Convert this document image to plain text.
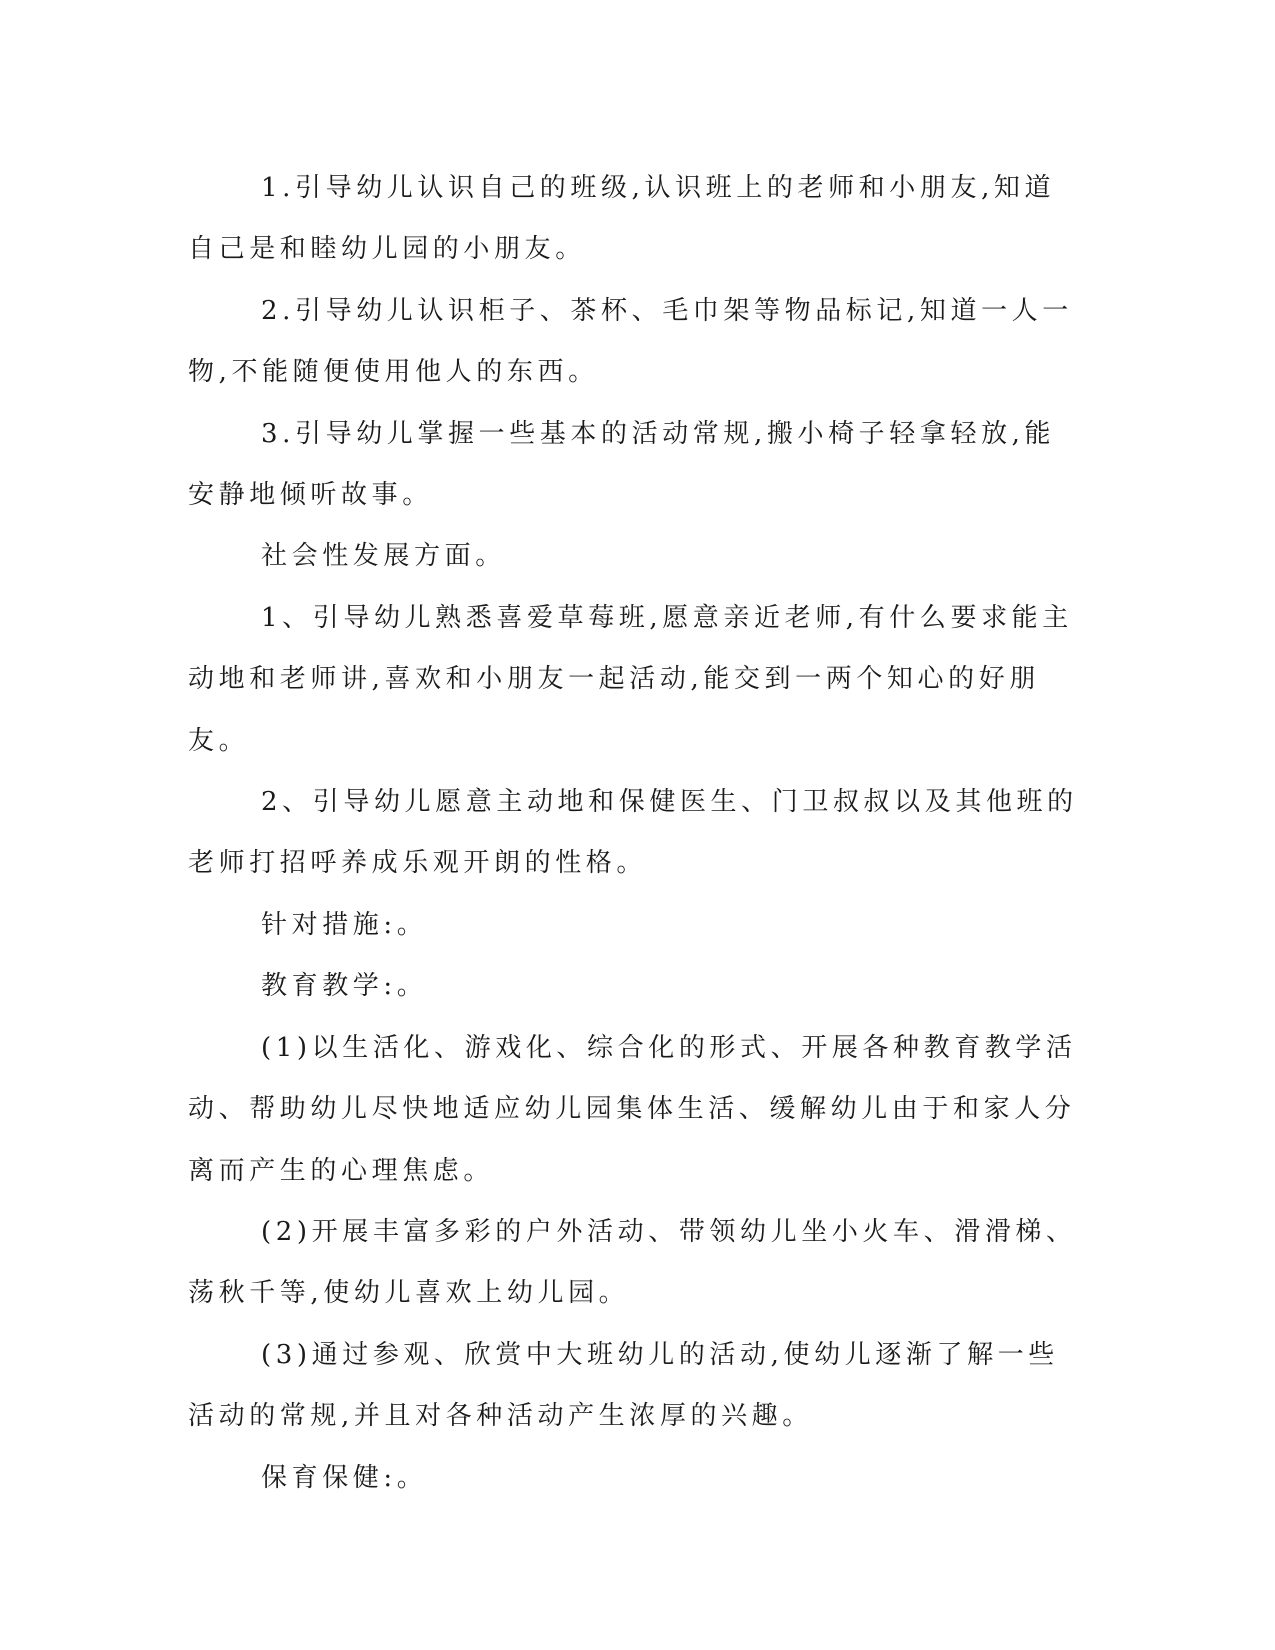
1.引导幼儿认识自己的班级,认识班上的老师和小朋友,知道自己是和睦幼儿园的小朋友。

2.引导幼儿认识柜子、茶杯、毛巾架等物品标记,知道一人一物,不能随便使用他人的东西。

3.引导幼儿掌握一些基本的活动常规,搬小椅子轻拿轻放,能安静地倾听故事。

社会性发展方面。

1、引导幼儿熟悉喜爱草莓班,愿意亲近老师,有什么要求能主动地和老师讲,喜欢和小朋友一起活动,能交到一两个知心的好朋友。

2、引导幼儿愿意主动地和保健医生、门卫叔叔以及其他班的老师打招呼养成乐观开朗的性格。

针对措施:。

教育教学:。

(1)以生活化、游戏化、综合化的形式、开展各种教育教学活动、帮助幼儿尽快地适应幼儿园集体生活、缓解幼儿由于和家人分离而产生的心理焦虑。

(2)开展丰富多彩的户外活动、带领幼儿坐小火车、滑滑梯、荡秋千等,使幼儿喜欢上幼儿园。

(3)通过参观、欣赏中大班幼儿的活动,使幼儿逐渐了解一些活动的常规,并且对各种活动产生浓厚的兴趣。

保育保健:。
